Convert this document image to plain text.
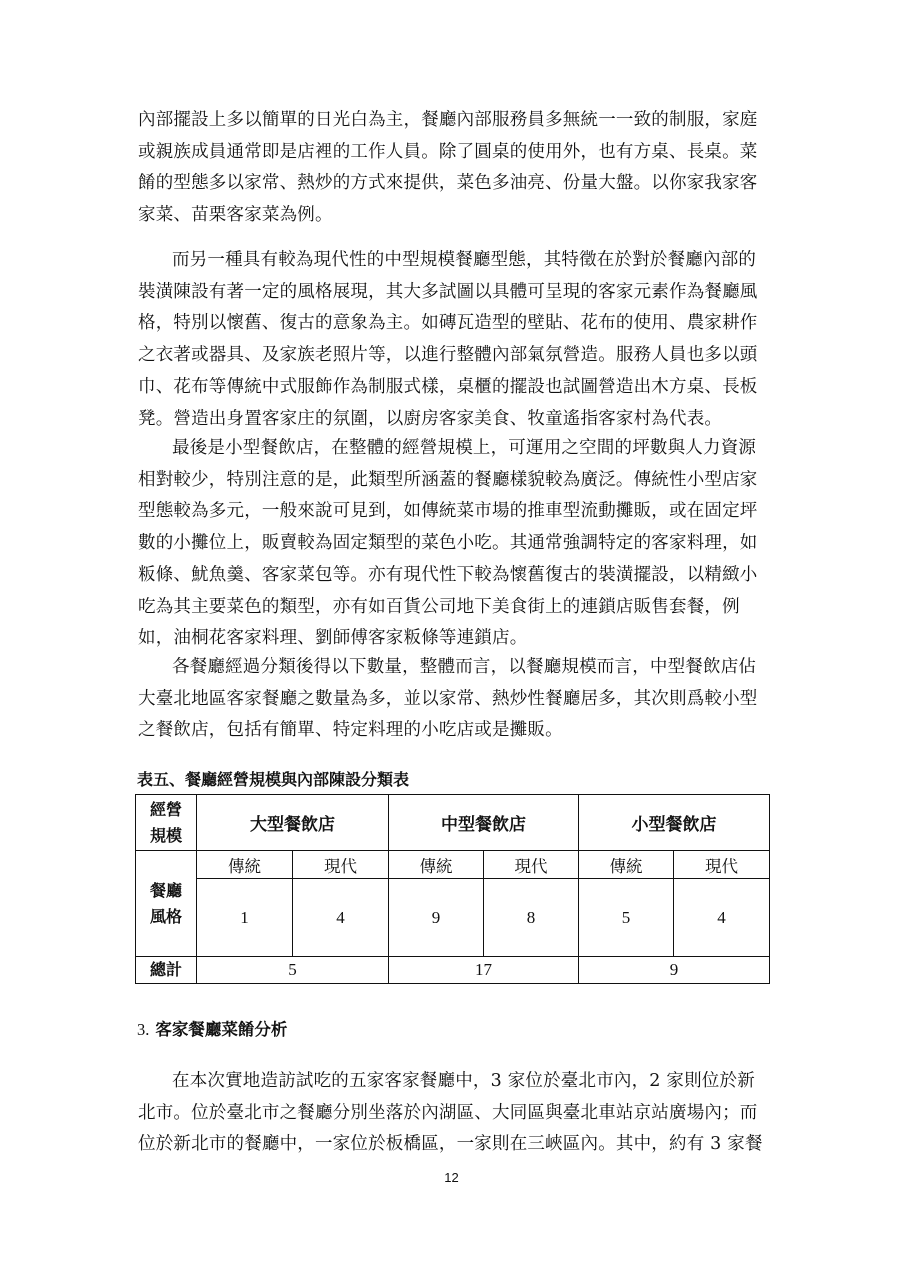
內部擺設上多以簡單的日光白為主，餐廳內部服務員多無統一一致的制服，家庭
或親族成員通常即是店裡的工作人員。除了圓桌的使用外，也有方桌、長桌。菜
餚的型態多以家常、熱炒的方式來提供，菜色多油亮、份量大盤。以你家我家客
家菜、苗栗客家菜為例。
而另一種具有較為現代性的中型規模餐廳型態，其特徵在於對於餐廳內部的
裝潢陳設有著一定的風格展現，其大多試圖以具體可呈現的客家元素作為餐廳風
格，特別以懷舊、復古的意象為主。如磚瓦造型的壁貼、花布的使用、農家耕作
之衣著或器具、及家族老照片等，以進行整體內部氣氛營造。服務人員也多以頭
巾、花布等傳統中式服飾作為制服式樣，桌櫃的擺設也試圖營造出木方桌、長板
凳。營造出身置客家庄的氛圍，以廚房客家美食、牧童遙指客家村為代表。
最後是小型餐飲店，在整體的經營規模上，可運用之空間的坪數與人力資源
相對較少，特別注意的是，此類型所涵蓋的餐廳樣貌較為廣泛。傳統性小型店家
型態較為多元，一般來說可見到，如傳統菜市場的推車型流動攤販，或在固定坪
數的小攤位上，販賣較為固定類型的菜色小吃。其通常強調特定的客家料理，如
粄條、魷魚羹、客家菜包等。亦有現代性下較為懷舊復古的裝潢擺設，以精緻小
吃為其主要菜色的類型，亦有如百貨公司地下美食街上的連鎖店販售套餐，例
如，油桐花客家料理、劉師傅客家粄條等連鎖店。
各餐廳經過分類後得以下數量，整體而言，以餐廳規模而言，中型餐飲店佔
大臺北地區客家餐廳之數量為多，並以家常、熱炒性餐廳居多，其次則爲較小型
之餐飲店，包括有簡單、特定料理的小吃店或是攤販。
表五、餐廳經營規模與內部陳設分類表
經營
規模	大型餐飲店		中型餐飲店		小型餐飲店	

餐廳
風格	傳統	現代	傳統	現代	傳統	現代
	1	4	9	8	5	4
總計	5		17		9	
3. 客家餐廳菜餚分析
在本次實地造訪試吃的五家客家餐廳中，3 家位於臺北市內，2 家則位於新
北市。位於臺北市之餐廳分別坐落於內湖區、大同區與臺北車站京站廣場內；而
位於新北市的餐廳中，一家位於板橋區，一家則在三峽區內。其中，約有 3 家餐
12
